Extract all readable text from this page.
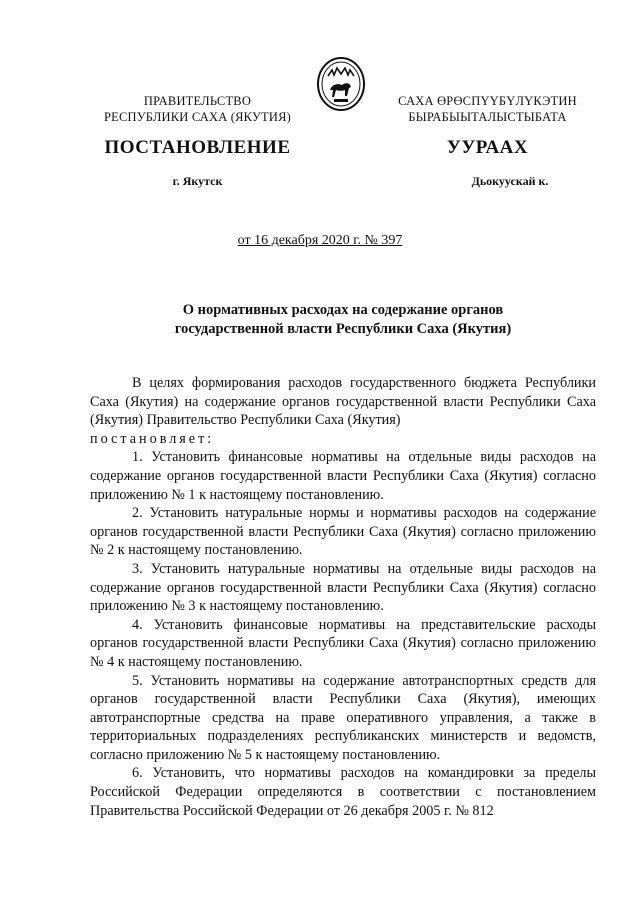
ПРАВИТЕЛЬСТВО
РЕСПУБЛИКИ САХА (ЯКУТИЯ)
САХА ӨРӨСПҮҮБҮЛҮКЭТИН
БЫРАБЫЫТАЛЫСТЫБАТА
ПОСТАНОВЛЕНИЕ	УУРААХ
г. Якутск	Дьокуускай к.
от 16 декабря 2020 г. № 397
О нормативных расходах на содержание органов
государственной власти Республики Саха (Якутия)

В целях формирования расходов государственного бюджета Республики Саха (Якутия) на содержание органов государственной власти Республики Саха (Якутия) Правительство Республики Саха (Якутия)

постановляет:

1. Установить финансовые нормативы на отдельные виды расходов на содержание органов государственной власти Республики Саха (Якутия) согласно приложению № 1 к настоящему постановлению.

2. Установить натуральные нормы и нормативы расходов на содержание органов государственной власти Республики Саха (Якутия) согласно приложению № 2 к настоящему постановлению.

3. Установить натуральные нормативы на отдельные виды расходов на содержание органов государственной власти Республики Саха (Якутия) согласно приложению № 3 к настоящему постановлению.

4. Установить финансовые нормативы на представительские расходы органов государственной власти Республики Саха (Якутия) согласно приложению № 4 к настоящему постановлению.

5. Установить нормативы на содержание автотранспортных средств для органов государственной власти Республики Саха (Якутия), имеющих автотранспортные средства на праве оперативного управления, а также в территориальных подразделениях республиканских министерств и ведомств, согласно приложению № 5 к настоящему постановлению.

6. Установить, что нормативы расходов на командировки за пределы Российской Федерации определяются в соответствии с постановлением Правительства Российской Федерации от 26 декабря 2005 г. № 812
